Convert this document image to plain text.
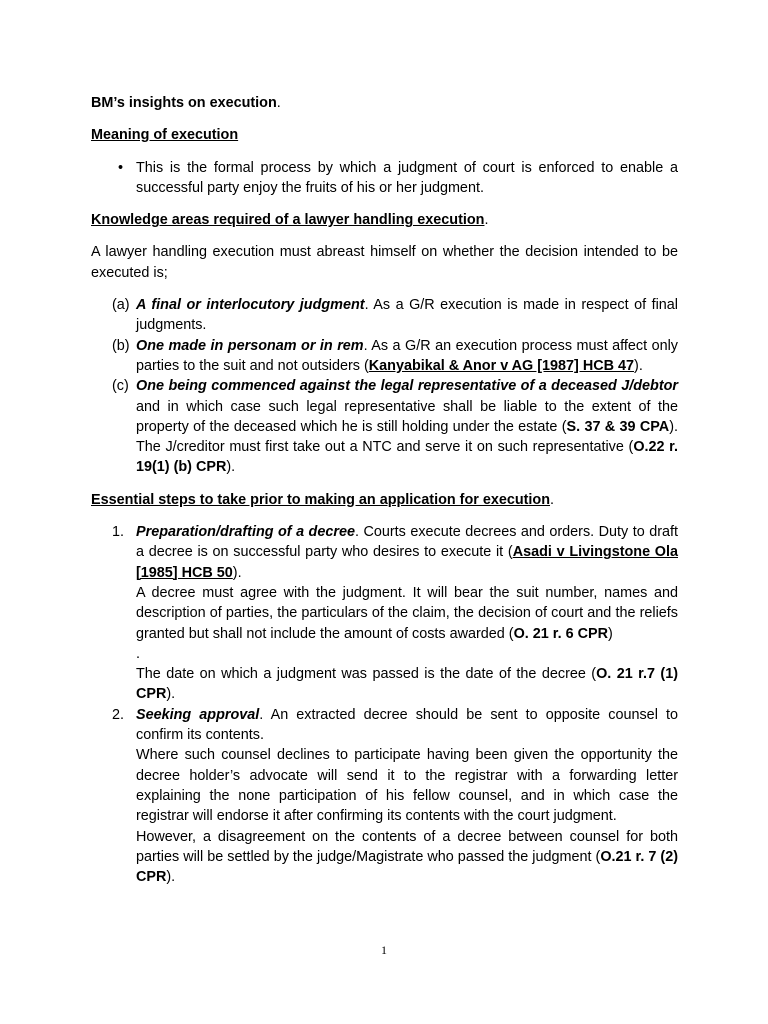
BM’s insights on execution.

Meaning of execution

• This is the formal process by which a judgment of court is enforced to enable a successful party enjoy the fruits of his or her judgment.

Knowledge areas required of a lawyer handling execution.

A lawyer handling execution must abreast himself on whether the decision intended to be executed is;

(a) A final or interlocutory judgment. As a G/R execution is made in respect of final judgments.
(b) One made in personam or in rem. As a G/R an execution process must affect only parties to the suit and not outsiders (Kanyabikal & Anor v AG [1987] HCB 47).
(c) One being commenced against the legal representative of a deceased J/debtor and in which case such legal representative shall be liable to the extent of the property of the deceased which he is still holding under the estate (S. 37 & 39 CPA). The J/creditor must first take out a NTC and serve it on such representative (O.22 r. 19(1) (b) CPR).

Essential steps to take prior to making an application for execution.

1. Preparation/drafting of a decree. Courts execute decrees and orders. Duty to draft a decree is on successful party who desires to execute it (Asadi v Livingstone Ola [1985] HCB 50).

A decree must agree with the judgment. It will bear the suit number, names and description of parties, the particulars of the claim, the decision of court and the reliefs granted but shall not include the amount of costs awarded (O. 21 r. 6 CPR)

.

The date on which a judgment was passed is the date of the decree (O. 21 r.7 (1) CPR).

2. Seeking approval. An extracted decree should be sent to opposite counsel to confirm its contents.

Where such counsel declines to participate having been given the opportunity the decree holder’s advocate will send it to the registrar with a forwarding letter explaining the none participation of his fellow counsel, and in which case the registrar will endorse it after confirming its contents with the court judgment.

However, a disagreement on the contents of a decree between counsel for both parties will be settled by the judge/Magistrate who passed the judgment (O.21 r. 7 (2) CPR).

1
